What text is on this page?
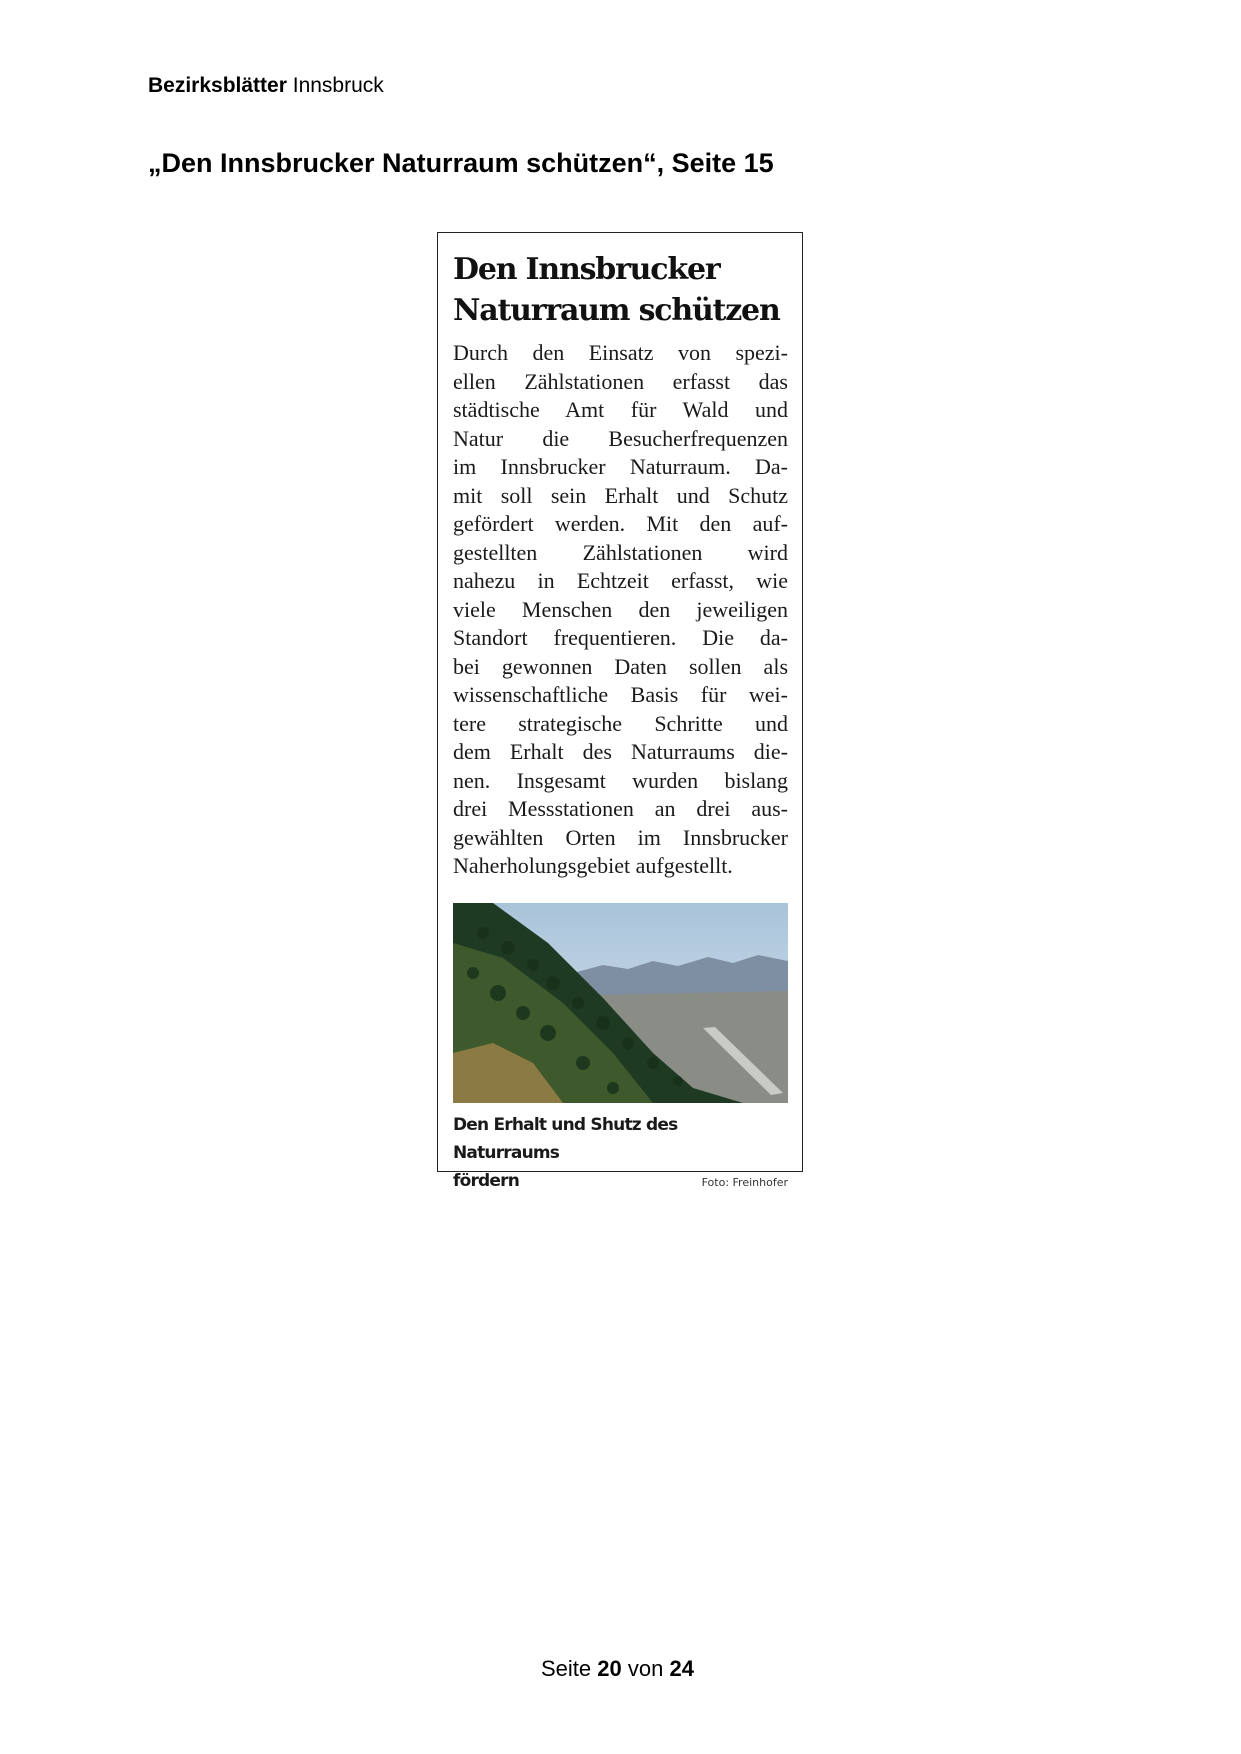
Bezirksblätter Innsbruck
„Den Innsbrucker Naturraum schützen“, Seite 15
Den Innsbrucker
Naturraum schützen
Durch den Einsatz von spezi-
ellen Zählstationen erfasst das
städtische Amt für Wald und
Natur die Besucherfrequenzen
im Innsbrucker Naturraum. Da-
mit soll sein Erhalt und Schutz
gefördert werden. Mit den auf-
gestellten Zählstationen wird
nahezu in Echtzeit erfasst, wie
viele Menschen den jeweiligen
Standort frequentieren. Die da-
bei gewonnen Daten sollen als
wissenschaftliche Basis für wei-
tere strategische Schritte und
dem Erhalt des Naturraums die-
nen. Insgesamt wurden bislang
drei Messstationen an drei aus-
gewählten Orten im Innsbrucker
Naherholungsgebiet aufgestellt.
Den Erhalt und Shutz des Naturraums
fördern	Foto: Freinhofer
Seite 20 von 24
